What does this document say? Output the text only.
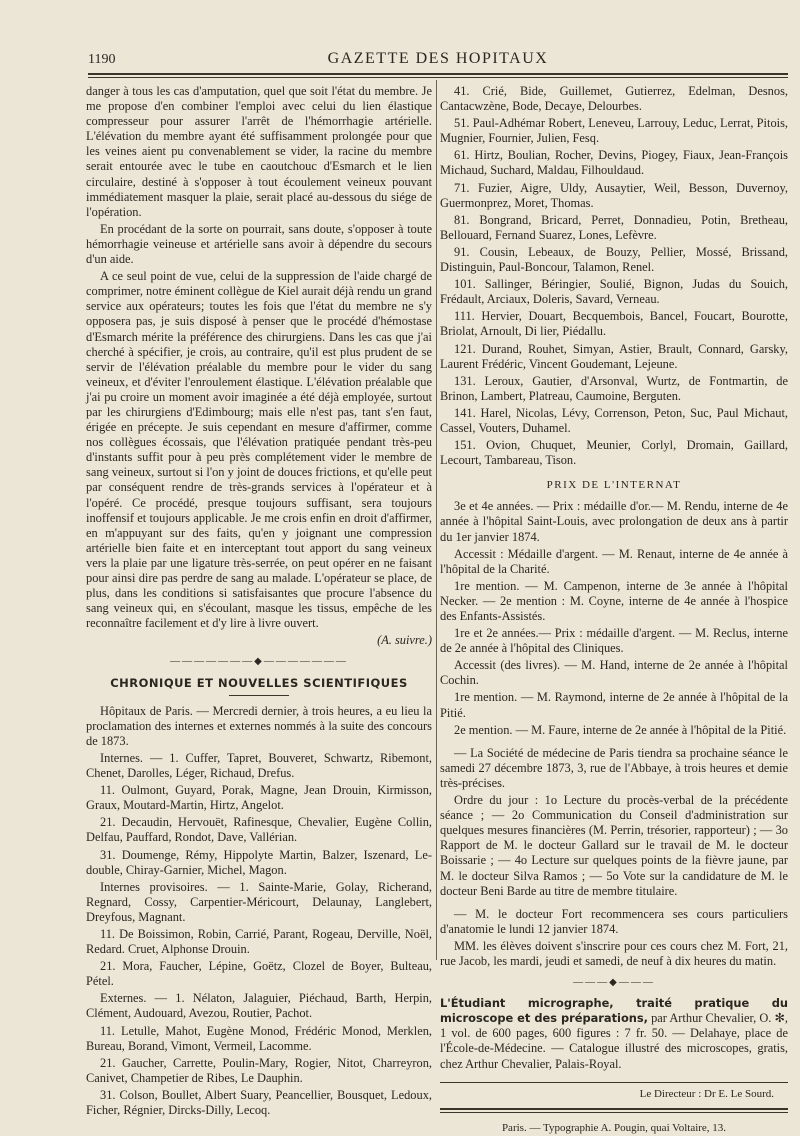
1190	GAZETTE DES HOPITAUX

danger à tous les cas d'amputation, quel que soit l'état du membre. Je me propose d'en combiner l'emploi avec celui du lien élastique compresseur pour assurer l'arrêt de l'hémorrhagie artérielle. L'élévation du membre ayant été suffisamment prolongée pour que les veines aient pu convenablement se vider, la racine du membre serait entourée avec le tube en caoutchouc d'Esmarch et le lien circulaire, destiné à s'opposer à tout écoulement veineux pouvant immédiatement masquer la plaie, serait placé au-dessous du siége de l'opération.

En procédant de la sorte on pourrait, sans doute, s'opposer à toute hémorrhagie veineuse et artérielle sans avoir à dépendre du secours d'un aide.

A ce seul point de vue, celui de la suppression de l'aide chargé de comprimer, notre éminent collègue de Kiel aurait déjà rendu un grand service aux opérateurs; toutes les fois que l'état du membre ne s'y opposera pas, je suis disposé à penser que le procédé d'hémostase d'Esmarch mérite la préférence des chirurgiens. Dans les cas que j'ai cherché à spécifier, je crois, au contraire, qu'il est plus prudent de se servir de l'élévation préalable du membre pour le vider du sang veineux, et d'éviter l'enroulement élastique. L'élévation préalable que j'ai pu croire un moment avoir imaginée a été déjà employée, surtout par les chirurgiens d'Edimbourg; mais elle n'est pas, tant s'en faut, érigée en précepte. Je suis cependant en mesure d'affirmer, comme nos collègues écossais, que l'élévation pratiquée pendant très-peu d'instants suffit pour à peu près complétement vider le membre de sang veineux, surtout si l'on y joint de douces frictions, et qu'elle peut par conséquent rendre de très-grands services à l'opérateur et à l'opéré. Ce procédé, presque toujours suffisant, sera toujours inoffensif et toujours applicable. Je me crois enfin en droit d'affirmer, en m'appuyant sur des faits, qu'en y joignant une compression artérielle bien faite et en interceptant tout apport du sang veineux vers la plaie par une ligature très-serrée, on peut opérer en ne faisant pour ainsi dire pas perdre de sang au malade. L'opérateur se place, de plus, dans les conditions si satisfaisantes que procure l'absence du sang veineux qui, en s'écoulant, masque les tissus, empêche de les reconnaître facilement et d'y lire à livre ouvert.

(A. suivre.)
———————◆———————
CHRONIQUE ET NOUVELLES SCIENTIFIQUES

Hôpitaux de Paris. — Mercredi dernier, à trois heures, a eu lieu la proclamation des internes et externes nommés à la suite des concours de 1873.

Internes. — 1. Cuffer, Tapret, Bouveret, Schwartz, Ribemont, Chenet, Darolles, Léger, Richaud, Drefus.

11. Oulmont, Guyard, Porak, Magne, Jean Drouin, Kirmisson, Graux, Moutard-Martin, Hirtz, Angelot.

21. Decaudin, Hervouët, Rafinesque, Chevalier, Eugène Collin, Delfau, Pauffard, Rondot, Dave, Vallérian.

31. Doumenge, Rémy, Hippolyte Martin, Balzer, Iszenard, Le-double, Chiray-Garnier, Michel, Magon.

Internes provisoires. — 1. Sainte-Marie, Golay, Richerand, Regnard, Cossy, Carpentier-Méricourt, Delaunay, Langlebert, Dreyfous, Magnant.

11. De Boissimon, Robin, Carrié, Parant, Rogeau, Derville, Noël, Redard. Cruet, Alphonse Drouin.

21. Mora, Faucher, Lépine, Goëtz, Clozel de Boyer, Bulteau, Pétel.

Externes. — 1. Nélaton, Jalaguier, Piéchaud, Barth, Herpin, Clément, Audouard, Avezou, Routier, Pachot.

11. Letulle, Mahot, Eugène Monod, Frédéric Monod, Merklen, Bureau, Borand, Vimont, Vermeil, Lacomme.

21. Gaucher, Carrette, Poulin-Mary, Rogier, Nitot, Charreyron, Canivet, Champetier de Ribes, Le Dauphin.

31. Colson, Boullet, Albert Suary, Peancellier, Bousquet, Ledoux, Ficher, Régnier, Dircks-Dilly, Lecoq.

41. Crié, Bide, Guillemet, Gutierrez, Edelman, Desnos, Cantacwzène, Bode, Decaye, Delourbes.

51. Paul-Adhémar Robert, Leneveu, Larrouy, Leduc, Lerrat, Pitois, Mugnier, Fournier, Julien, Fesq.

61. Hirtz, Boulian, Rocher, Devins, Piogey, Fiaux, Jean-François Michaud, Suchard, Maldau, Filhouldaud.

71. Fuzier, Aigre, Uldy, Ausaytier, Weil, Besson, Duvernoy, Guermonprez, Moret, Thomas.

81. Bongrand, Bricard, Perret, Donnadieu, Potin, Bretheau, Bellouard, Fernand Suarez, Lones, Lefèvre.

91. Cousin, Lebeaux, de Bouzy, Pellier, Mossé, Brissand, Distinguin, Paul-Boncour, Talamon, Renel.

101. Sallinger, Béringier, Soulié, Bignon, Judas du Souich, Frédault, Arciaux, Doleris, Savard, Verneau.

111. Hervier, Douart, Becquembois, Bancel, Foucart, Bourotte, Briolat, Arnoult, Di lier, Piédallu.

121. Durand, Rouhet, Simyan, Astier, Brault, Connard, Garsky, Laurent Frédéric, Vincent Goudemant, Lejeune.

131. Leroux, Gautier, d'Arsonval, Wurtz, de Fontmartin, de Brinon, Lambert, Platreau, Caumoine, Berguten.

141. Harel, Nicolas, Lévy, Correnson, Peton, Suc, Paul Michaut, Cassel, Vouters, Duhamel.

151. Ovion, Chuquet, Meunier, Corlyl, Dromain, Gaillard, Lecourt, Tambareau, Tison.

PRIX DE L'INTERNAT

3e et 4e années. — Prix : médaille d'or.— M. Rendu, interne de 4e année à l'hôpital Saint-Louis, avec prolongation de deux ans à partir du 1er janvier 1874.

Accessit : Médaille d'argent. — M. Renaut, interne de 4e année à l'hôpital de la Charité.

1re mention. — M. Campenon, interne de 3e année à l'hôpital Necker. — 2e mention : M. Coyne, interne de 4e année à l'hospice des Enfants-Assistés.

1re et 2e années.— Prix : médaille d'argent. — M. Reclus, interne de 2e année à l'hôpital des Cliniques.

Accessit (des livres). — M. Hand, interne de 2e année à l'hôpital Cochin.

1re mention. — M. Raymond, interne de 2e année à l'hôpital de la Pitié.

2e mention. — M. Faure, interne de 2e année à l'hôpital de la Pitié.

— La Société de médecine de Paris tiendra sa prochaine séance le samedi 27 décembre 1873, 3, rue de l'Abbaye, à trois heures et demie très-précises.

Ordre du jour : 1o Lecture du procès-verbal de la précédente séance ; — 2o Communication du Conseil d'administration sur quelques mesures financières (M. Perrin, trésorier, rapporteur) ; — 3o Rapport de M. le docteur Gallard sur le travail de M. le docteur Boissarie ; — 4o Lecture sur quelques points de la fièvre jaune, par M. le docteur Silva Ramos ; — 5o Vote sur la candidature de M. le docteur Beni Barde au titre de membre titulaire.

— M. le docteur Fort recommencera ses cours particuliers d'anatomie le lundi 12 janvier 1874.

MM. les élèves doivent s'inscrire pour ces cours chez M. Fort, 21, rue Jacob, les mardi, jeudi et samedi, de neuf à dix heures du matin.

———◆———

L'Étudiant micrographe, traité pratique du microscope et des préparations, par Arthur Chevalier, O. ✻, 1 vol. de 600 pages, 600 figures : 7 fr. 50. — Delahaye, place de l'École-de-Médecine. — Catalogue illustré des microscopes, gratis, chez Arthur Chevalier, Palais-Royal.

Le Directeur : Dr E. Le Sourd.
Paris. — Typographie A. Pougin, quai Voltaire, 13.
